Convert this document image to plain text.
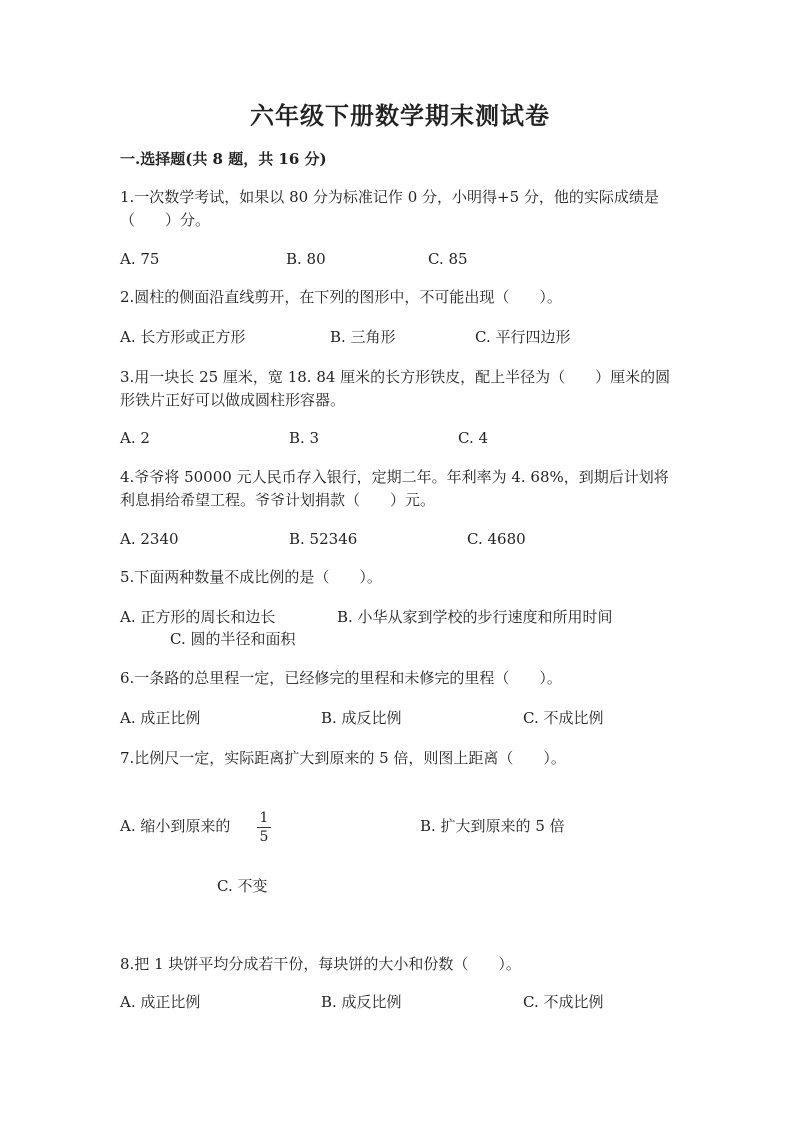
六年级下册数学期末测试卷
一.选择题(共 8 题，共 16 分)
1.一次数学考试，如果以 80 分为标准记作 0 分，小明得+5 分，他的实际成绩是（　　）分。
A. 75	B. 80	C. 85
2.圆柱的侧面沿直线剪开，在下列的图形中，不可能出现（　　）。
A. 长方形或正方形	B. 三角形	C. 平行四边形
3.用一块长 25 厘米，宽 18. 84 厘米的长方形铁皮，配上半径为（　　）厘米的圆形铁片正好可以做成圆柱形容器。
A. 2	B. 3	C. 4
4.爷爷将 50000 元人民币存入银行，定期二年。年利率为 4. 68%，到期后计划将利息捐给希望工程。爷爷计划捐款（　　）元。
A. 2340	B. 52346	C. 4680
5.下面两种数量不成比例的是（　　）。
A. 正方形的周长和边长	B. 小华从家到学校的步行速度和所用时间
C. 圆的半径和面积
6.一条路的总里程一定，已经修完的里程和未修完的里程（　　）。
A. 成正比例	B. 成反比例	C. 不成比例
7.比例尺一定，实际距离扩大到原来的 5 倍，则图上距离（　　）。
A. 缩小到原来的	B. 扩大到原来的 5 倍
1
5
C. 不变
8.把 1 块饼平均分成若干份，每块饼的大小和份数（　　）。
A. 成正比例	B. 成反比例	C. 不成比例
